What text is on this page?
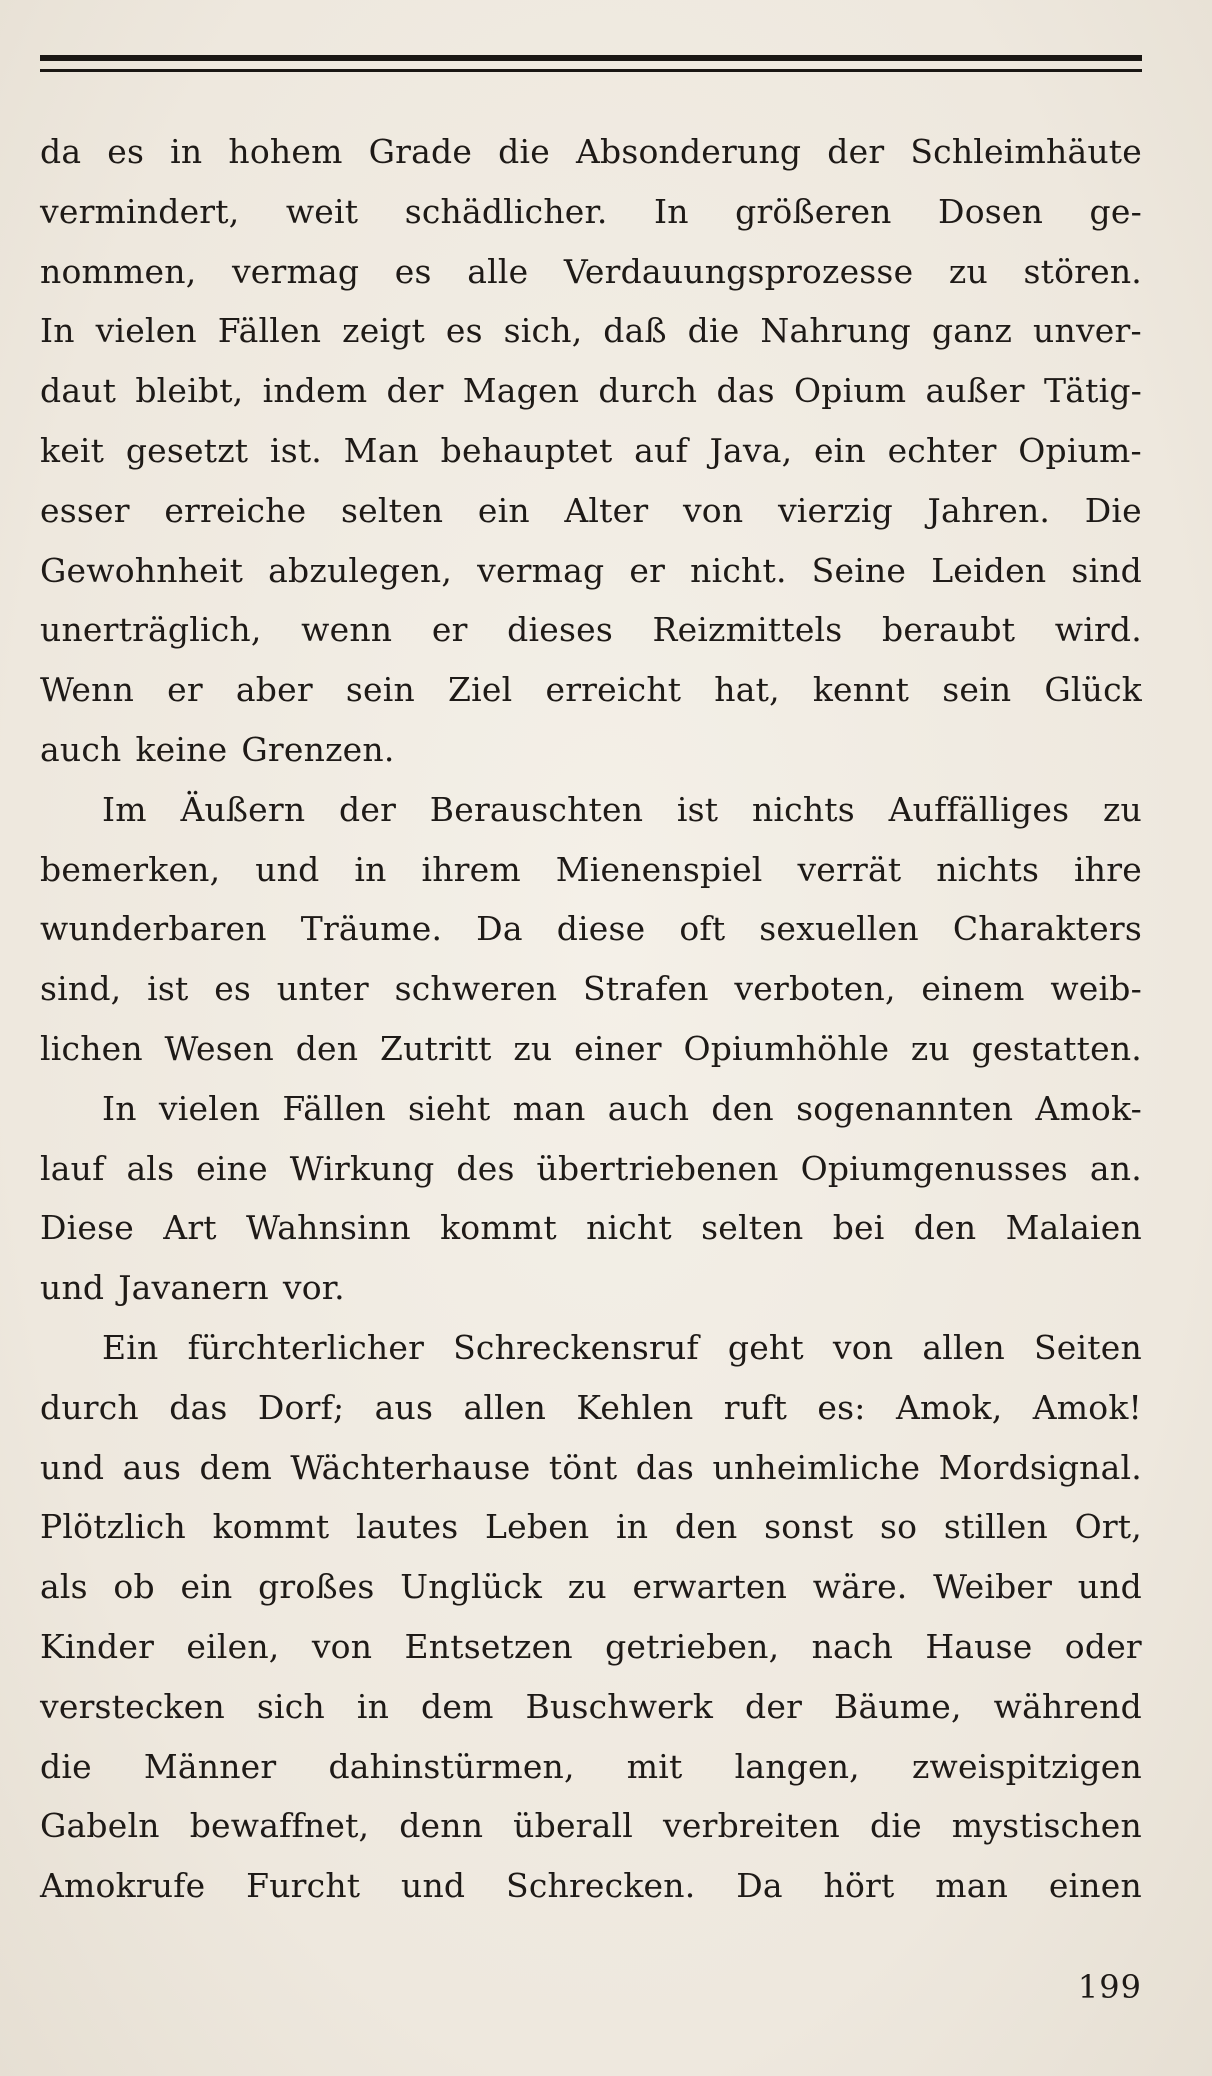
da es in hohem Grade die Absonderung der Schleimhäute
vermindert, weit schädlicher. In größeren Dosen ge-
nommen, vermag es alle Verdauungsprozesse zu stören.
In vielen Fällen zeigt es sich, daß die Nahrung ganz unver-
daut bleibt, indem der Magen durch das Opium außer Tätig-
keit gesetzt ist. Man behauptet auf Java, ein echter Opium-
esser erreiche selten ein Alter von vierzig Jahren. Die
Gewohnheit abzulegen, vermag er nicht. Seine Leiden sind
unerträglich, wenn er dieses Reizmittels beraubt wird.
Wenn er aber sein Ziel erreicht hat, kennt sein Glück
auch keine Grenzen.
Im Äußern der Berauschten ist nichts Auffälliges zu
bemerken, und in ihrem Mienenspiel verrät nichts ihre
wunderbaren Träume. Da diese oft sexuellen Charakters
sind, ist es unter schweren Strafen verboten, einem weib-
lichen Wesen den Zutritt zu einer Opiumhöhle zu gestatten.
In vielen Fällen sieht man auch den sogenannten Amok-
lauf als eine Wirkung des übertriebenen Opiumgenusses an.
Diese Art Wahnsinn kommt nicht selten bei den Malaien
und Javanern vor.
Ein fürchterlicher Schreckensruf geht von allen Seiten
durch das Dorf; aus allen Kehlen ruft es: Amok, Amok!
und aus dem Wächterhause tönt das unheimliche Mordsignal.
Plötzlich kommt lautes Leben in den sonst so stillen Ort,
als ob ein großes Unglück zu erwarten wäre. Weiber und
Kinder eilen, von Entsetzen getrieben, nach Hause oder
verstecken sich in dem Buschwerk der Bäume, während
die Männer dahinstürmen, mit langen, zweispitzigen
Gabeln bewaffnet, denn überall verbreiten die mystischen
Amokrufe Furcht und Schrecken. Da hört man einen
199
